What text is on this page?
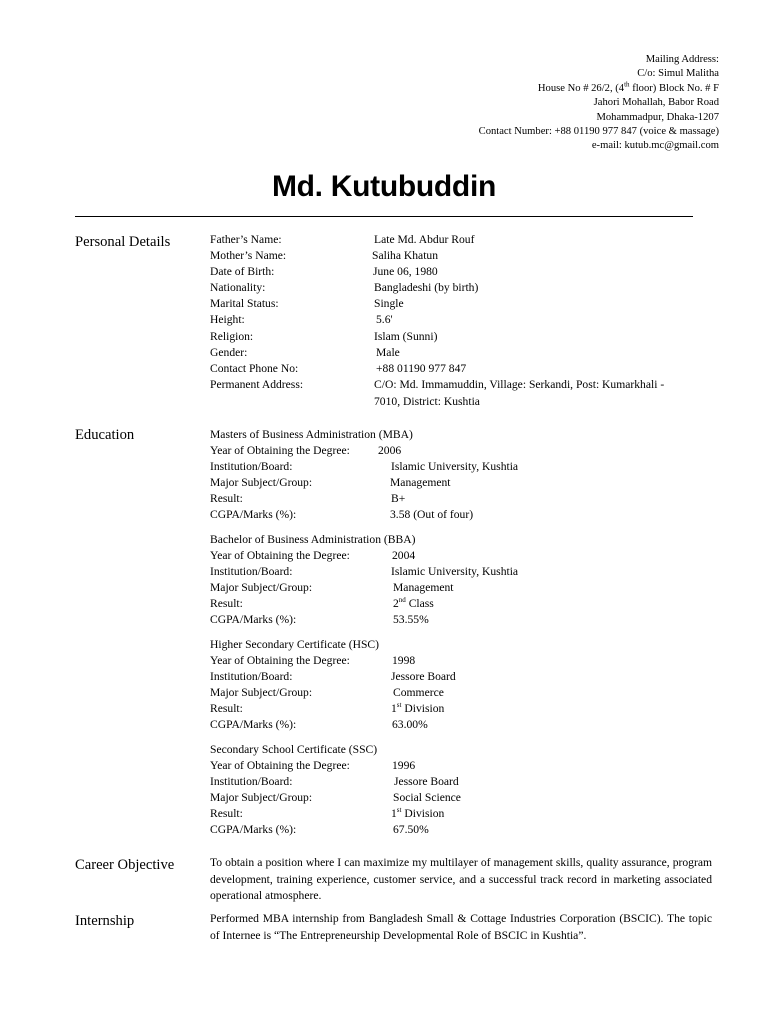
Mailing Address:
C/o: Simul Malitha
House No # 26/2, (4th floor) Block No. # F
Jahori Mohallah, Babor Road
Mohammadpur, Dhaka-1207
Contact Number: +88 01190 977 847 (voice & massage)
e-mail: kutub.mc@gmail.com
Md. Kutubuddin
Personal Details	Father’s Name:	Late Md. Abdur Rouf
Mother’s Name:	Saliha Khatun
Date of Birth:	June 06, 1980
Nationality:	Bangladeshi (by birth)
Marital Status:	Single
Height:	5.6'
Religion:	Islam (Sunni)
Gender:	Male
Contact Phone No:	+88 01190 977 847
Permanent Address:	C/O: Md. Immamuddin, Village: Serkandi, Post: Kumarkhali -
7010, District: Kushtia
Education	Masters of Business Administration (MBA)
Year of Obtaining the Degree: 2006
Institution/Board:	Islamic University, Kushtia
Major Subject/Group:	Management
Result:	B+
CGPA/Marks (%):	3.58 (Out of four)
Bachelor of Business Administration (BBA)
Year of Obtaining the Degree:	2004
Institution/Board:	Islamic University, Kushtia
Major Subject/Group:	Management
Result:	2nd Class
CGPA/Marks (%):	53.55%
Higher Secondary Certificate (HSC)
Year of Obtaining the Degree:	1998
Institution/Board:	Jessore Board
Major Subject/Group:	Commerce
Result:	1st Division
CGPA/Marks (%):	63.00%
Secondary School Certificate (SSC)
Year of Obtaining the Degree:	1996
Institution/Board:	Jessore Board
Major Subject/Group:	Social Science
Result:	1st Division
CGPA/Marks (%):	67.50%
Career Objective	To obtain a position where I can maximize my multilayer of management skills, quality assurance, program development, training experience, customer service, and a successful track record in marketing associated operational atmosphere.
Internship	Performed MBA internship from Bangladesh Small & Cottage Industries Corporation (BSCIC). The topic of Internee is “The Entrepreneurship Developmental Role of BSCIC in Kushtia”.
